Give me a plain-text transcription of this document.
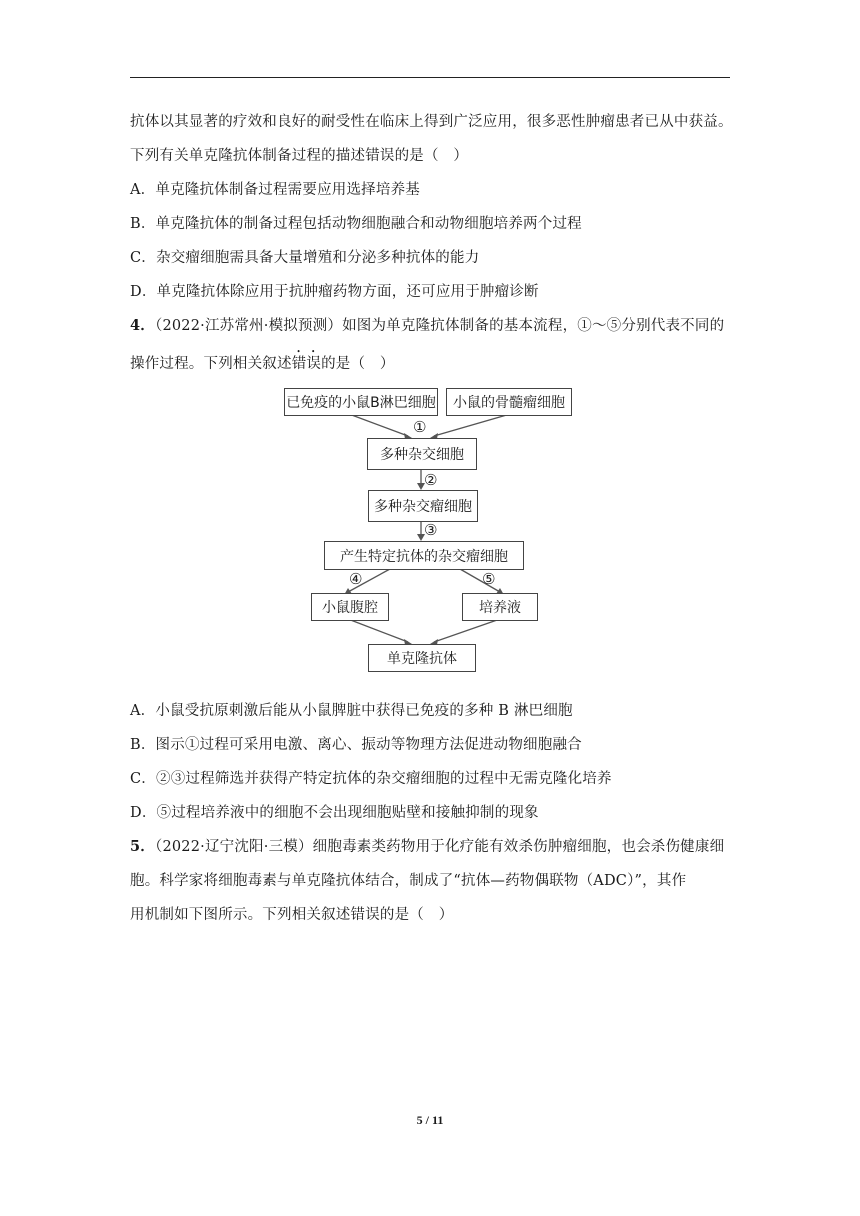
抗体以其显著的疗效和良好的耐受性在临床上得到广泛应用，很多恶性肿瘤患者已从中获益。
下列有关单克隆抗体制备过程的描述错误的是（　）
A．单克隆抗体制备过程需要应用选择培养基
B．单克隆抗体的制备过程包括动物细胞融合和动物细胞培养两个过程
C．杂交瘤细胞需具备大量增殖和分泌多种抗体的能力
D．单克隆抗体除应用于抗肿瘤药物方面，还可应用于肿瘤诊断
4．（2022·江苏常州·模拟预测）如图为单克隆抗体制备的基本流程，①～⑤分别代表不同的
操作过程。下列相关叙述错误的是（　）
已免疫的小鼠B淋巴细胞	小鼠的骨髓瘤细胞
①
多种杂交细胞
②
多种杂交瘤细胞
③
产生特定抗体的杂交瘤细胞
④	⑤
小鼠腹腔	培养液
单克隆抗体
A．小鼠受抗原刺激后能从小鼠脾脏中获得已免疫的多种 B 淋巴细胞
B．图示①过程可采用电激、离心、振动等物理方法促进动物细胞融合
C．②③过程筛选并获得产特定抗体的杂交瘤细胞的过程中无需克隆化培养
D．⑤过程培养液中的细胞不会出现细胞贴壁和接触抑制的现象
5．（2022·辽宁沈阳·三模）细胞毒素类药物用于化疗能有效杀伤肿瘤细胞，也会杀伤健康细
胞。科学家将细胞毒素与单克隆抗体结合，制成了“抗体—药物偶联物（ADC）”，其作
用机制如下图所示。下列相关叙述错误的是（　）
5 / 11
